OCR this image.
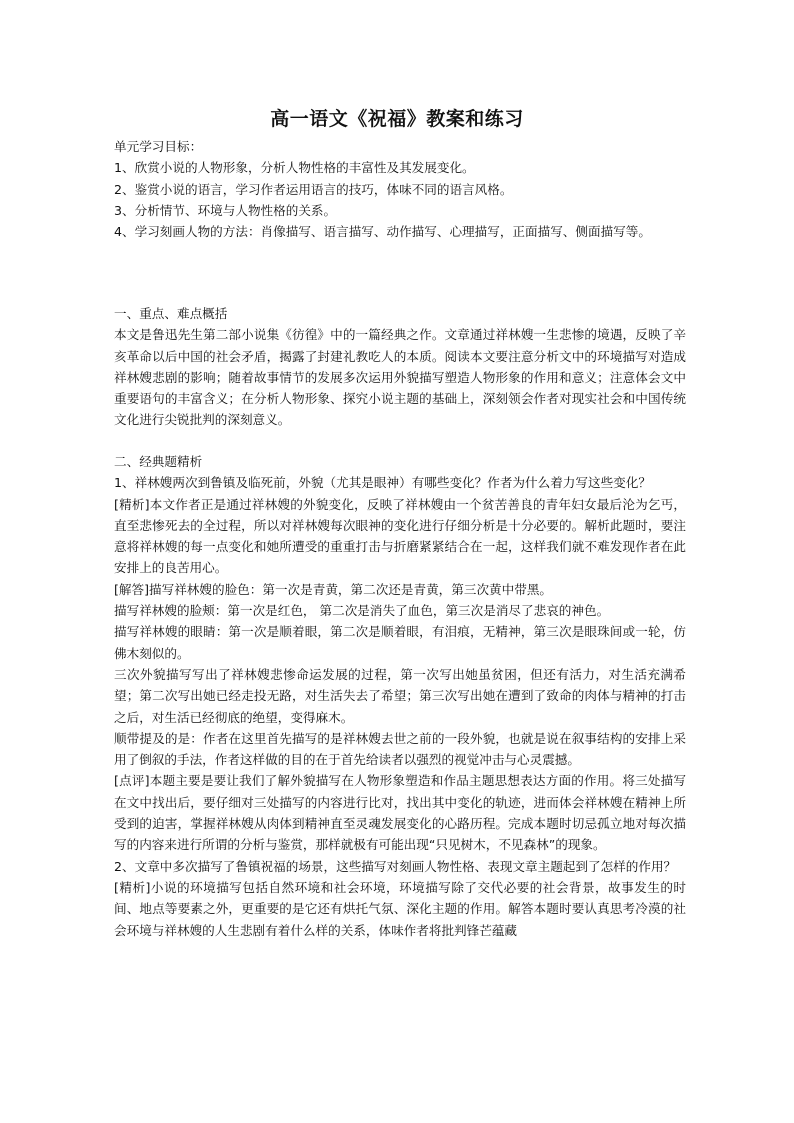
高一语文《祝福》教案和练习

单元学习目标：

1、欣赏小说的人物形象，分析人物性格的丰富性及其发展变化。

2、鉴赏小说的语言，学习作者运用语言的技巧，体味不同的语言风格。

3、分析情节、环境与人物性格的关系。

4、学习刻画人物的方法：肖像描写、语言描写、动作描写、心理描写，正面描写、侧面描写等。

一、重点、难点概括

本文是鲁迅先生第二部小说集《彷徨》中的一篇经典之作。文章通过祥林嫂一生悲惨的境遇，反映了辛亥革命以后中国的社会矛盾，揭露了封建礼教吃人的本质。阅读本文要注意分析文中的环境描写对造成祥林嫂悲剧的影响；随着故事情节的发展多次运用外貌描写塑造人物形象的作用和意义；注意体会文中重要语句的丰富含义；在分析人物形象、探究小说主题的基础上，深刻领会作者对现实社会和中国传统文化进行尖锐批判的深刻意义。

二、经典题精析

1、祥林嫂两次到鲁镇及临死前，外貌（尤其是眼神）有哪些变化？作者为什么着力写这些变化？

[精析]本文作者正是通过祥林嫂的外貌变化，反映了祥林嫂由一个贫苦善良的青年妇女最后沦为乞丐，直至悲惨死去的全过程，所以对祥林嫂每次眼神的变化进行仔细分析是十分必要的。解析此题时，要注意将祥林嫂的每一点变化和她所遭受的重重打击与折磨紧紧结合在一起，这样我们就不难发现作者在此安排上的良苦用心。

[解答]描写祥林嫂的脸色：第一次是青黄，第二次还是青黄，第三次黄中带黑。

描写祥林嫂的脸颊：第一次是红色， 第二次是消失了血色，第三次是消尽了悲哀的神色。

描写祥林嫂的眼睛：第一次是顺着眼，第二次是顺着眼，有泪痕，无精神，第三次是眼珠间或一轮，仿佛木刻似的。

三次外貌描写写出了祥林嫂悲惨命运发展的过程，第一次写出她虽贫困，但还有活力，对生活充满希望；第二次写出她已经走投无路，对生活失去了希望；第三次写出她在遭到了致命的肉体与精神的打击之后，对生活已经彻底的绝望，变得麻木。

顺带提及的是：作者在这里首先描写的是祥林嫂去世之前的一段外貌，也就是说在叙事结构的安排上采用了倒叙的手法，作者这样做的目的在于首先给读者以强烈的视觉冲击与心灵震撼。

[点评]本题主要是要让我们了解外貌描写在人物形象塑造和作品主题思想表达方面的作用。将三处描写在文中找出后，要仔细对三处描写的内容进行比对，找出其中变化的轨迹，进而体会祥林嫂在精神上所受到的迫害，掌握祥林嫂从肉体到精神直至灵魂发展变化的心路历程。完成本题时切忌孤立地对每次描写的内容来进行所谓的分析与鉴赏，那样就极有可能出现“只见树木，不见森林”的现象。

2、文章中多次描写了鲁镇祝福的场景，这些描写对刻画人物性格、表现文章主题起到了怎样的作用？

[精析]小说的环境描写包括自然环境和社会环境，环境描写除了交代必要的社会背景，故事发生的时间、地点等要素之外，更重要的是它还有烘托气氛、深化主题的作用。解答本题时要认真思考冷漠的社会环境与祥林嫂的人生悲剧有着什么样的关系，体味作者将批判锋芒蕴藏
